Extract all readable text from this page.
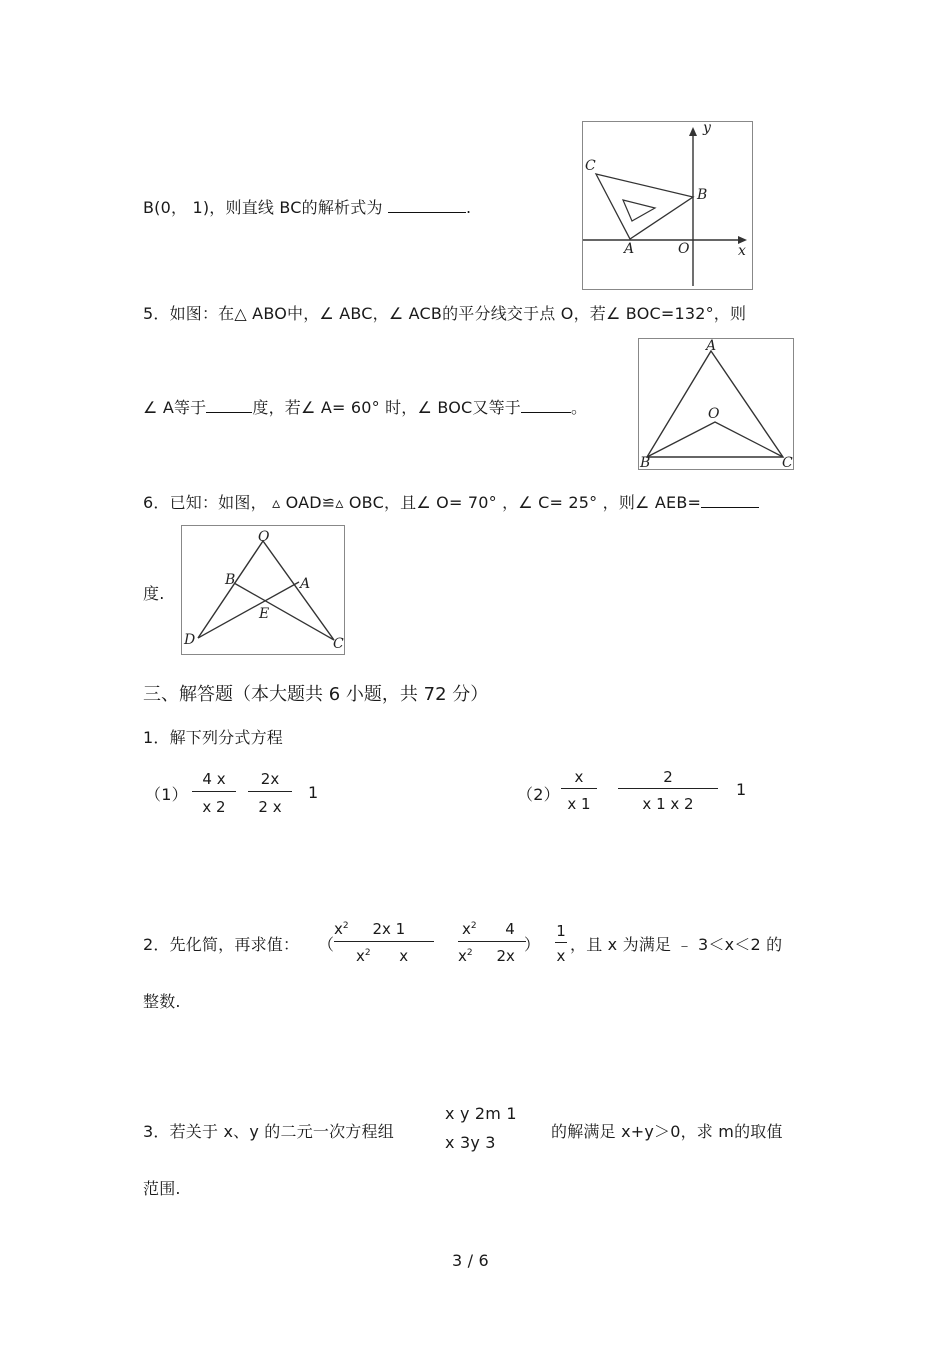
B(0， 1)，则直线 BC的解析式为	.
C
B
A	O	x
y
5．如图：在△ ABO中，∠ ABC，∠ ACB的平分线交于点 O，若∠ BOC=132°，则
∠ A等于	度，若∠ A= 60° 时，∠ BOC又等于	。
A
O
B	C
6．已知：如图， ▵ OAD≌▵ OBC，且∠ O= 70° ，∠ C= 25° ，则∠ AEB=
度.
O
B	A
E
D	C
三、解答题（本大题共 6 小题，共 72 分）
1．解下列分式方程
（1）
4 x
x 2
2x
2 x
1	（2）
x
x 1
2
x 1 x 2
1
2．先化简，再求值： （
$x^2$ 2x 1
$x^2$ x
$x^2$ 4
$x^2$ 2x
）
1
x
，且 x 为满足 ﹣ 3＜x＜2 的
整数.
3．若关于 x、y 的二元一次方程组
x y 2m 1
x 3y 3
的解满足 x+y＞0，求 m的取值
范围.
3 / 6
